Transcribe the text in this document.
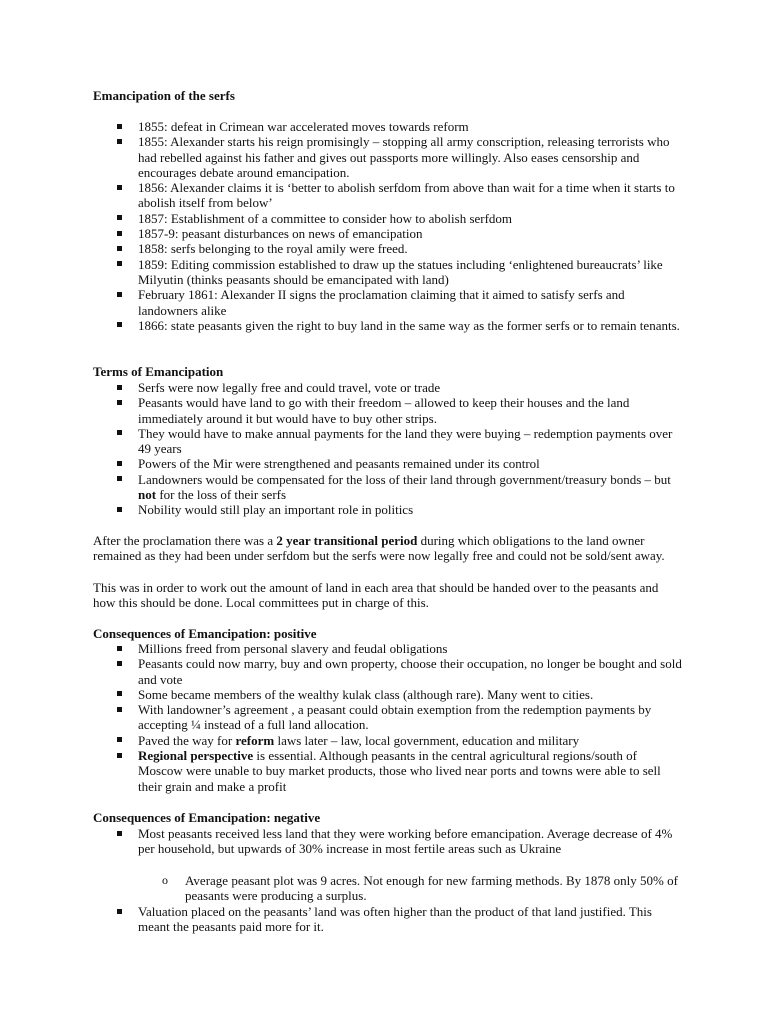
Emancipation of the serfs
1855: defeat in Crimean war accelerated moves towards reform
1855: Alexander starts his reign promisingly – stopping all army conscription, releasing terrorists who had rebelled against his father and gives out passports more willingly. Also eases censorship and encourages debate around emancipation.
1856: Alexander claims it is ‘better to abolish serfdom from above than wait for a time when it starts to abolish itself from below’
1857: Establishment of a committee to consider how to abolish serfdom
1857-9: peasant disturbances on news of emancipation
1858: serfs belonging to the royal amily were freed.
1859: Editing commission established to draw up the statues including ‘enlightened bureaucrats’ like Milyutin (thinks peasants should be emancipated with land)
February 1861: Alexander II signs the proclamation claiming that it aimed to satisfy serfs and landowners alike
1866: state peasants given the right to buy land in the same way as the former serfs or to remain tenants.
Terms of Emancipation
Serfs were now legally free and could travel, vote or trade
Peasants would have land to go with their freedom – allowed to keep their houses and the land immediately around it but would have to buy other strips.
They would have to make annual payments for the land they were buying – redemption payments over 49 years
Powers of the Mir were strengthened and peasants remained under its control
Landowners would be compensated for the loss of their land through government/treasury bonds – but not for the loss of their serfs
Nobility would still play an important role in politics

After the proclamation there was a 2 year transitional period during which obligations to the land owner remained as they had been under serfdom but the serfs were now legally free and could not be sold/sent away.

This was in order to work out the amount of land in each area that should be handed over to the peasants and how this should be done. Local committees put in charge of this.

Consequences of Emancipation: positive
Millions freed from personal slavery and feudal obligations
Peasants could now marry, buy and own property, choose their occupation, no longer be bought and sold and vote
Some became members of the wealthy kulak class (although rare). Many went to cities.
With landowner’s agreement , a peasant could obtain exemption from the redemption payments by accepting ¼ instead of a full land allocation.
Paved the way for reform laws later – law, local government, education and military
Regional perspective is essential. Although peasants in the central agricultural regions/south of Moscow were unable to buy market products, those who lived near ports and towns were able to sell their grain and make a profit
Consequences of Emancipation: negative
Most peasants received less land that they were working before emancipation. Average decrease of 4% per household, but upwards of 30% increase in most fertile areas such as Ukraine
o Average peasant plot was 9 acres. Not enough for new farming methods. By 1878 only 50% of peasants were producing a surplus.
Valuation placed on the peasants’ land was often higher than the product of that land justified. This meant the peasants paid more for it.
